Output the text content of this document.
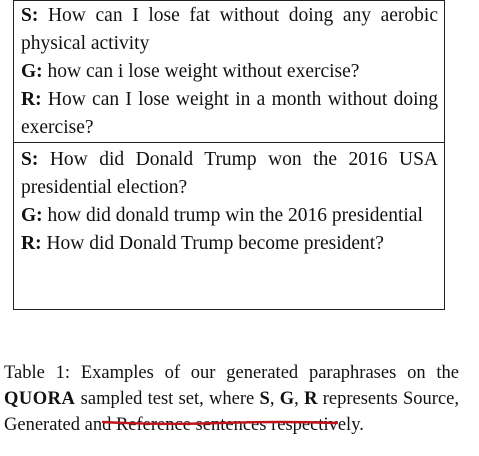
S: How can I lose fat without doing any aerobic physical activity

G: how can i lose weight without exercise?

R: How can I lose weight in a month without doing exercise?

S: How did Donald Trump won the 2016 USA presidential election?

G: how did donald trump win the 2016 presidential

R: How did Donald Trump become president?

Table 1: Examples of our generated paraphrases on the QUORA sampled test set, where S, G, R represents Source, Generated and Reference sentences respectively.
